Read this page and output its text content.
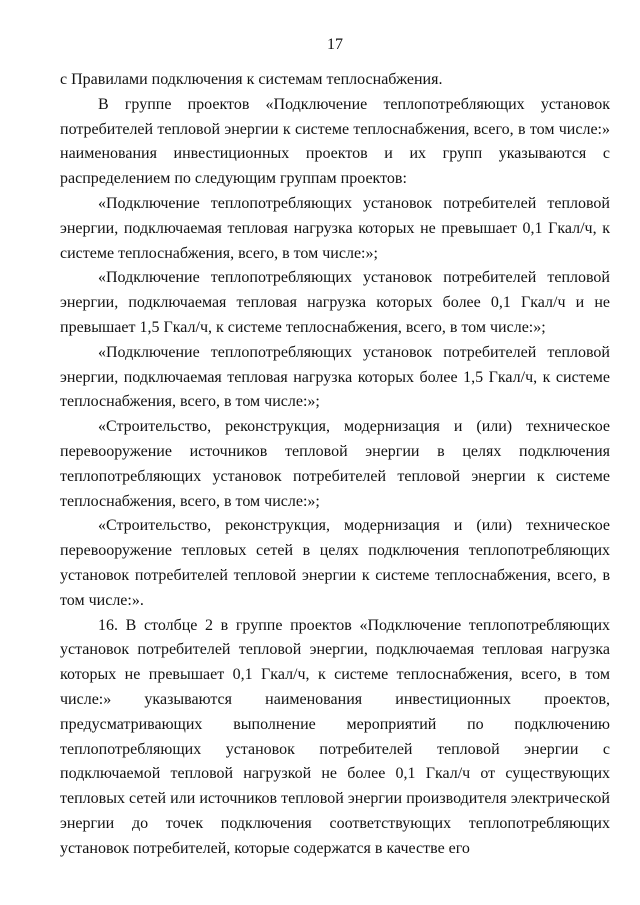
17

с Правилами подключения к системам теплоснабжения.

В группе проектов «Подключение теплопотребляющих установок потребителей тепловой энергии к системе теплоснабжения, всего, в том числе:» наименования инвестиционных проектов и их групп указываются с распределением по следующим группам проектов:

«Подключение теплопотребляющих установок потребителей тепловой энергии, подключаемая тепловая нагрузка которых не превышает 0,1 Гкал/ч, к системе теплоснабжения, всего, в том числе:»;

«Подключение теплопотребляющих установок потребителей тепловой энергии, подключаемая тепловая нагрузка которых более 0,1 Гкал/ч и не превышает 1,5 Гкал/ч, к системе теплоснабжения, всего, в том числе:»;

«Подключение теплопотребляющих установок потребителей тепловой энергии, подключаемая тепловая нагрузка которых более 1,5 Гкал/ч, к системе теплоснабжения, всего, в том числе:»;

«Строительство, реконструкция, модернизация и (или) техническое перевооружение источников тепловой энергии в целях подключения теплопотребляющих установок потребителей тепловой энергии к системе теплоснабжения, всего, в том числе:»;

«Строительство, реконструкция, модернизация и (или) техническое перевооружение тепловых сетей в целях подключения теплопотребляющих установок потребителей тепловой энергии к системе теплоснабжения, всего, в том числе:».

16. В столбце 2 в группе проектов «Подключение теплопотребляющих установок потребителей тепловой энергии, подключаемая тепловая нагрузка которых не превышает 0,1 Гкал/ч, к системе теплоснабжения, всего, в том числе:» указываются наименования инвестиционных проектов, предусматривающих выполнение мероприятий по подключению теплопотребляющих установок потребителей тепловой энергии с подключаемой тепловой нагрузкой не более 0,1 Гкал/ч от существующих тепловых сетей или источников тепловой энергии производителя электрической энергии до точек подключения соответствующих теплопотребляющих установок потребителей, которые содержатся в качестве его
